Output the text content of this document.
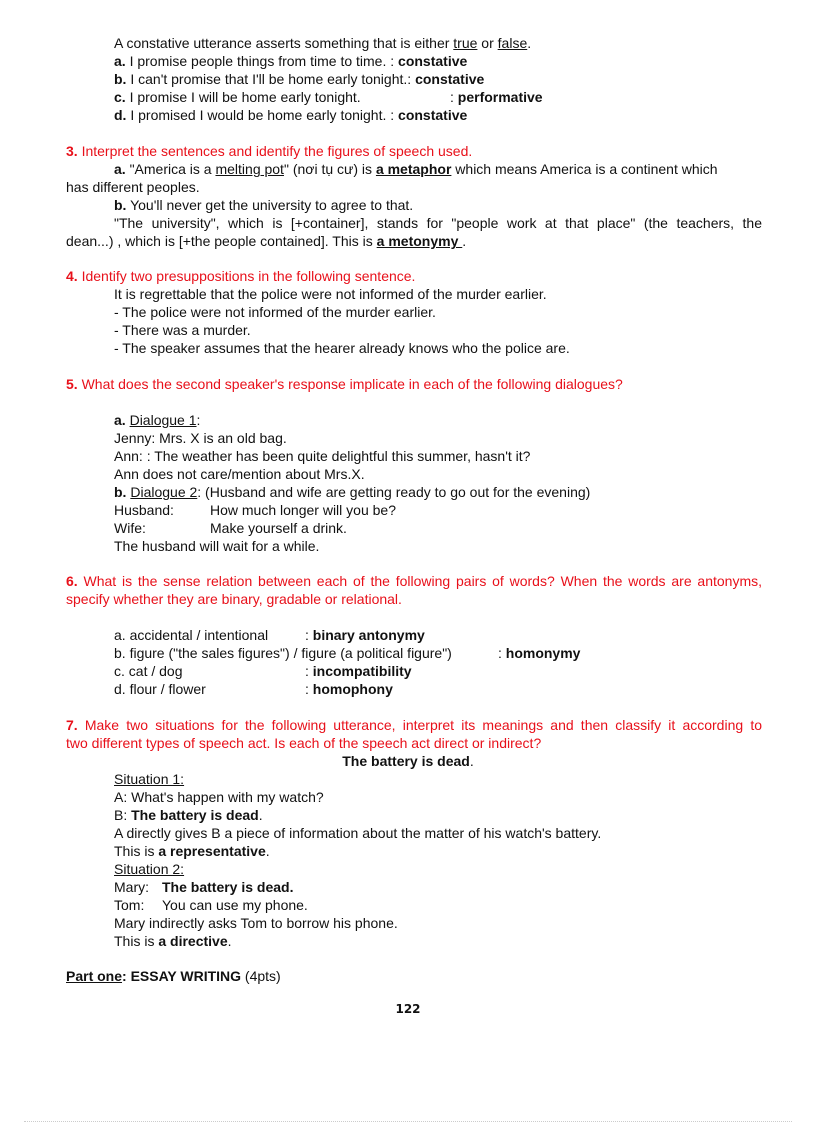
A constative utterance asserts something that is either true or false.
a. I promise people things from time to time. : constative
b. I can't promise that I'll be home early tonight.: constative
c. I promise I will be home early tonight.	: performative
d. I promised I would be home early tonight. : constative
3. Interpret the sentences and identify the figures of speech used.
a. "America is a melting pot" (nơi tụ cư) is a metaphor which means America is a continent which
has different peoples.
b. You'll never get the university to agree to that.
"The university", which is [+container], stands for "people work at that place" (the teachers, the
dean...) , which is [+the people contained]. This is a metonymy .
4. Identify two presuppositions in the following sentence.
It is regrettable that the police were not informed of the murder earlier.
- The police were not informed of the murder earlier.
- There was a murder.
- The speaker assumes that the hearer already knows who the police are.
5. What does the second speaker's response implicate in each of the following dialogues?
a. Dialogue 1:
Jenny: Mrs. X is an old bag.
Ann: : The weather has been quite delightful this summer, hasn't it?
Ann does not care/mention about Mrs.X.
b. Dialogue 2: (Husband and wife are getting ready to go out for the evening)
Husband:	How much longer will you be?
Wife:	Make yourself a drink.
The husband will wait for a while.
6. What is the sense relation between each of the following pairs of words? When the words are antonyms,
specify whether they are binary, gradable or relational.
a. accidental / intentional	: binary antonymy
b. figure ("the sales figures") / figure (a political figure")	: homonymy
c. cat / dog	: incompatibility
d. flour / flower	: homophony
7. Make two situations for the following utterance, interpret its meanings and then classify it according to
two different types of speech act. Is each of the speech act direct or indirect?
The battery is dead.
Situation 1:
A: What's happen with my watch?
B: The battery is dead.
A directly gives B a piece of information about the matter of his watch's battery.
This is a representative.
Situation 2:
Mary: The battery is dead.
Tom: You can use my phone.
Mary indirectly asks Tom to borrow his phone.
This is a directive.
Part one: ESSAY WRITING (4pts)
122
